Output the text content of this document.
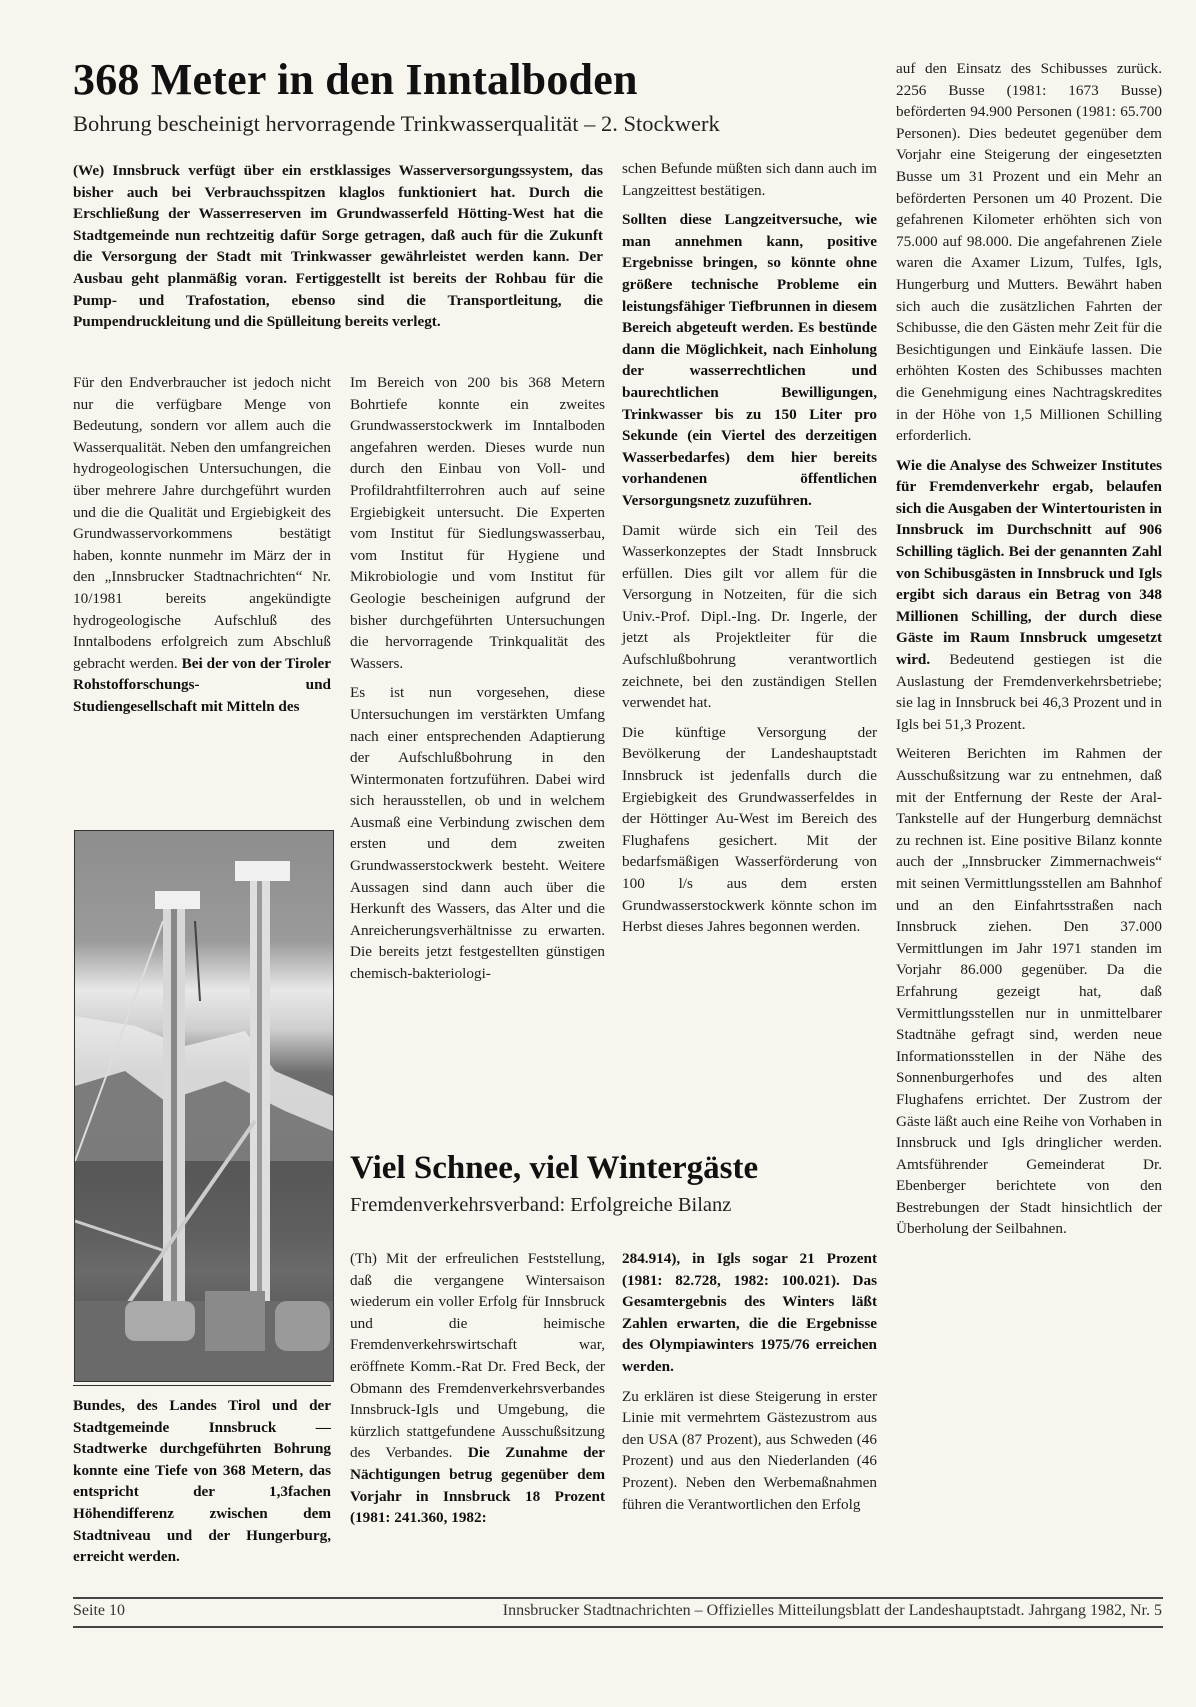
368 Meter in den Inntalboden
Bohrung bescheinigt hervorragende Trinkwasserqualität – 2. Stockwerk
(We) Innsbruck verfügt über ein erstklassiges Wasserversorgungssystem, das bisher auch bei Verbrauchsspitzen klaglos funktioniert hat. Durch die Erschließung der Wasserreserven im Grundwasserfeld Hötting-West hat die Stadtgemeinde nun rechtzeitig dafür Sorge getragen, daß auch für die Zukunft die Versorgung der Stadt mit Trinkwasser gewährleistet werden kann. Der Ausbau geht planmäßig voran. Fertiggestellt ist bereits der Rohbau für die Pump- und Trafostation, ebenso sind die Transportleitung, die Pumpendruckleitung und die Spülleitung bereits verlegt.

Für den Endverbraucher ist jedoch nicht nur die verfügbare Menge von Bedeutung, sondern vor allem auch die Wasserqualität. Neben den umfangreichen hydrogeologischen Untersuchungen, die über mehrere Jahre durchgeführt wurden und die die Qualität und Ergiebigkeit des Grundwasservorkommens bestätigt haben, konnte nunmehr im März der in den „Innsbrucker Stadtnachrichten“ Nr. 10/1981 bereits angekündigte hydrogeologische Aufschluß des Inntalbodens erfolgreich zum Abschluß gebracht werden. Bei der von der Tiroler Rohstofforschungs- und Studiengesellschaft mit Mitteln des

Bundes, des Landes Tirol und der Stadtgemeinde Innsbruck — Stadtwerke durchgeführten Bohrung konnte eine Tiefe von 368 Metern, das entspricht der 1,3fachen Höhendifferenz zwischen dem Stadtniveau und der Hungerburg, erreicht werden.

Im Bereich von 200 bis 368 Metern Bohrtiefe konnte ein zweites Grundwasserstockwerk im Inntalboden angefahren werden. Dieses wurde nun durch den Einbau von Voll- und Profildrahtfilterrohren auch auf seine Ergiebigkeit untersucht. Die Experten vom Institut für Siedlungswasserbau, vom Institut für Hygiene und Mikrobiologie und vom Institut für Geologie bescheinigen aufgrund der bisher durchgeführten Untersuchungen die hervorragende Trinkqualität des Wassers.

Es ist nun vorgesehen, diese Untersuchungen im verstärkten Umfang nach einer entsprechenden Adaptierung der Aufschlußbohrung in den Wintermonaten fortzuführen. Dabei wird sich herausstellen, ob und in welchem Ausmaß eine Verbindung zwischen dem ersten und dem zweiten Grundwasserstockwerk besteht. Weitere Aussagen sind dann auch über die Herkunft des Wassers, das Alter und die Anreicherungsverhältnisse zu erwarten. Die bereits jetzt festgestellten günstigen chemisch-bakteriologi-

schen Befunde müßten sich dann auch im Langzeittest bestätigen.

Sollten diese Langzeitversuche, wie man annehmen kann, positive Ergebnisse bringen, so könnte ohne größere technische Probleme ein leistungsfähiger Tiefbrunnen in diesem Bereich abgeteuft werden. Es bestünde dann die Möglichkeit, nach Einholung der wasserrechtlichen und baurechtlichen Bewilligungen, Trinkwasser bis zu 150 Liter pro Sekunde (ein Viertel des derzeitigen Wasserbedarfes) dem hier bereits vorhandenen öffentlichen Versorgungsnetz zuzuführen.

Damit würde sich ein Teil des Wasserkonzeptes der Stadt Innsbruck erfüllen. Dies gilt vor allem für die Versorgung in Notzeiten, für die sich Univ.-Prof. Dipl.-Ing. Dr. Ingerle, der jetzt als Projektleiter für die Aufschlußbohrung verantwortlich zeichnete, bei den zuständigen Stellen verwendet hat.

Die künftige Versorgung der Bevölkerung der Landeshauptstadt Innsbruck ist jedenfalls durch die Ergiebigkeit des Grundwasserfeldes in der Höttinger Au-West im Bereich des Flughafens gesichert. Mit der bedarfsmäßigen Wasserförderung von 100 l/s aus dem ersten Grundwasserstockwerk könnte schon im Herbst dieses Jahres begonnen werden.

Viel Schnee, viel Wintergäste
Fremdenverkehrsverband: Erfolgreiche Bilanz

(Th) Mit der erfreulichen Feststellung, daß die vergangene Wintersaison wiederum ein voller Erfolg für Innsbruck und die heimische Fremdenverkehrswirtschaft war, eröffnete Komm.-Rat Dr. Fred Beck, der Obmann des Fremdenverkehrsverbandes Innsbruck-Igls und Umgebung, die kürzlich stattgefundene Ausschußsitzung des Verbandes. Die Zunahme der Nächtigungen betrug gegenüber dem Vorjahr in Innsbruck 18 Prozent (1981: 241.360, 1982:

284.914), in Igls sogar 21 Prozent (1981: 82.728, 1982: 100.021). Das Gesamtergebnis des Winters läßt Zahlen erwarten, die die Ergebnisse des Olympiawinters 1975/76 erreichen werden.

Zu erklären ist diese Steigerung in erster Linie mit vermehrtem Gästezustrom aus den USA (87 Prozent), aus Schweden (46 Prozent) und aus den Niederlanden (46 Prozent). Neben den Werbemaßnahmen führen die Verantwortlichen den Erfolg

auf den Einsatz des Schibusses zurück. 2256 Busse (1981: 1673 Busse) beförderten 94.900 Personen (1981: 65.700 Personen). Dies bedeutet gegenüber dem Vorjahr eine Steigerung der eingesetzten Busse um 31 Prozent und ein Mehr an beförderten Personen um 40 Prozent. Die gefahrenen Kilometer erhöhten sich von 75.000 auf 98.000. Die angefahrenen Ziele waren die Axamer Lizum, Tulfes, Igls, Hungerburg und Mutters. Bewährt haben sich auch die zusätzlichen Fahrten der Schibusse, die den Gästen mehr Zeit für die Besichtigungen und Einkäufe lassen. Die erhöhten Kosten des Schibusses machten die Genehmigung eines Nachtragskredites in der Höhe von 1,5 Millionen Schilling erforderlich.

Wie die Analyse des Schweizer Institutes für Fremdenverkehr ergab, belaufen sich die Ausgaben der Wintertouristen in Innsbruck im Durchschnitt auf 906 Schilling täglich. Bei der genannten Zahl von Schibusgästen in Innsbruck und Igls ergibt sich daraus ein Betrag von 348 Millionen Schilling, der durch diese Gäste im Raum Innsbruck umgesetzt wird. Bedeutend gestiegen ist die Auslastung der Fremdenverkehrsbetriebe; sie lag in Innsbruck bei 46,3 Prozent und in Igls bei 51,3 Prozent.

Weiteren Berichten im Rahmen der Ausschußsitzung war zu entnehmen, daß mit der Entfernung der Reste der Aral-Tankstelle auf der Hungerburg demnächst zu rechnen ist. Eine positive Bilanz konnte auch der „Innsbrucker Zimmernachweis“ mit seinen Vermittlungsstellen am Bahnhof und an den Einfahrtsstraßen nach Innsbruck ziehen. Den 37.000 Vermittlungen im Jahr 1971 standen im Vorjahr 86.000 gegenüber. Da die Erfahrung gezeigt hat, daß Vermittlungsstellen nur in unmittelbarer Stadtnähe gefragt sind, werden neue Informationsstellen in der Nähe des Sonnenburgerhofes und des alten Flughafens errichtet. Der Zustrom der Gäste läßt auch eine Reihe von Vorhaben in Innsbruck und Igls dringlicher werden. Amtsführender Gemeinderat Dr. Ebenberger berichtete von den Bestrebungen der Stadt hinsichtlich der Überholung der Seilbahnen.

Seite 10	Innsbrucker Stadtnachrichten – Offizielles Mitteilungsblatt der Landeshauptstadt. Jahrgang 1982, Nr. 5
